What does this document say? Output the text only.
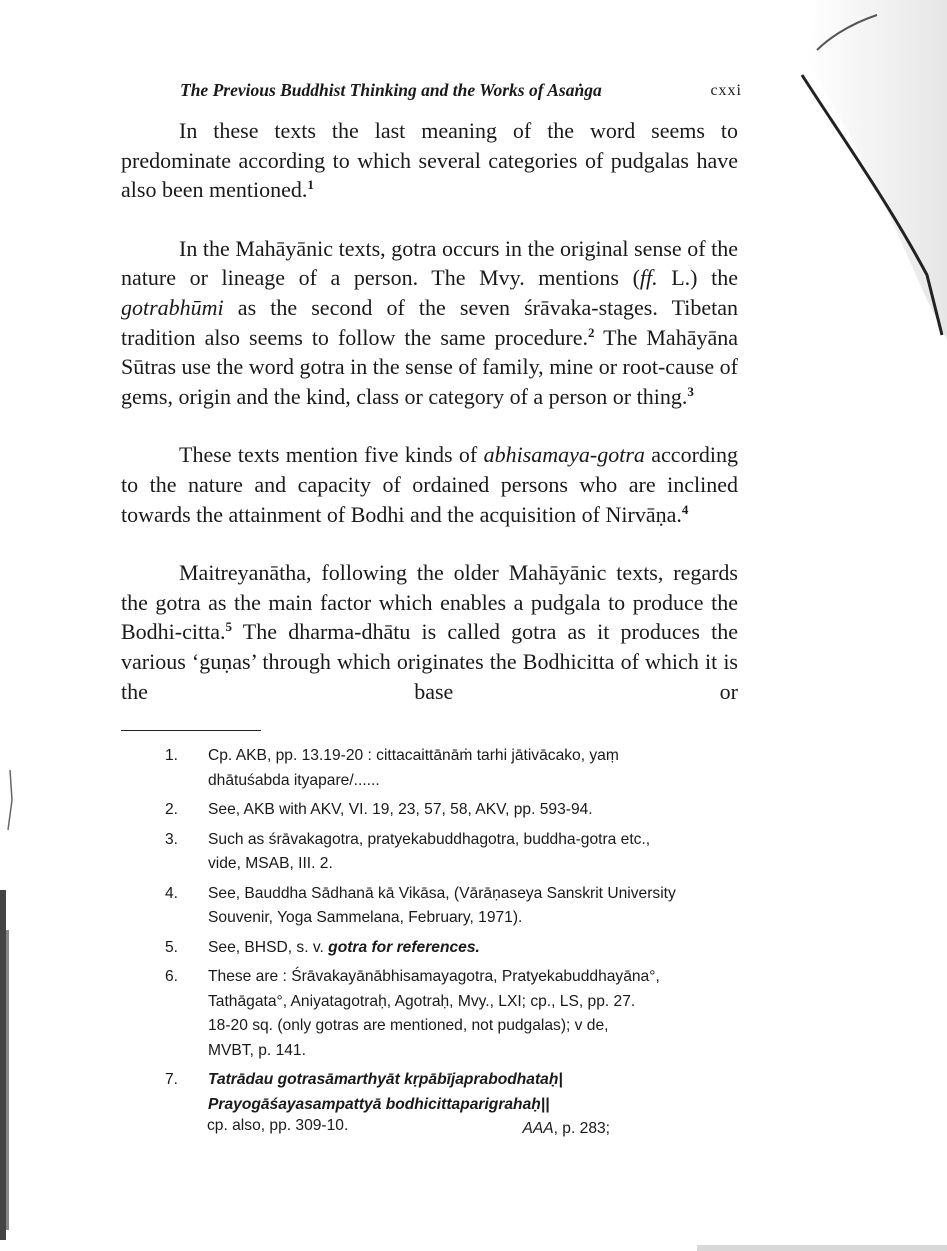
The Previous Buddhist Thinking and the Works of Asaṅga	cxxi

In these texts the last meaning of the word seems to predominate according to which several categories of pudgalas have also been mentioned.$^1$

In the Mahāyānic texts, gotra occurs in the original sense of the nature or lineage of a person. The Mvy. mentions (ff. L.) the gotrabhūmi as the second of the seven śrāvaka-stages. Tibetan tradition also seems to follow the same procedure.$^2$ The Mahāyāna Sūtras use the word gotra in the sense of family, mine or root-cause of gems, origin and the kind, class or category of a person or thing.$^3$

These texts mention five kinds of abhisamaya-gotra according to the nature and capacity of ordained persons who are inclined towards the attainment of Bodhi and the acquisition of Nirvāṇa.$^4$

Maitreyanātha, following the older Mahāyānic texts, regards the gotra as the main factor which enables a pudgala to produce the Bodhi-citta.$^5$ The dharma-dhātu is called gotra as it produces the various ‘guṇas’ through which originates the Bodhicitta of which it is the base or

1. Cp. AKB, pp. 13.19-20 : cittacaittānāṁ tarhi jātivācako, yaṃ
dhātuśabda ityapare/......
2. See, AKB with AKV, VI. 19, 23, 57, 58, AKV, pp. 593-94.
3. Such as śrāvakagotra, pratyekabuddhagotra, buddha-gotra etc.,
vide, MSAB, III. 2.
4. See, Bauddha Sādhanā kā Vikāsa, (Vārāṇaseya Sanskrit University
Souvenir, Yoga Sammelana, February, 1971).
5. See, BHSD, s. v. gotra for references.
6. These are : Śrāvakayānābhisamayagotra, Pratyekabuddhayāna°,
Tathāgata°, Aniyatagotraḥ, Agotraḥ, Mvy., LXI; cp., LS, pp. 27.
18-20 sq. (only gotras are mentioned, not pudgalas); v de,
MVBT, p. 141.
7. Tatrādau gotrasāmarthyāt kṛpābījaprabodhataḥ|
Prayogāśayasampattyā bodhicittaparigrahaḥ||
AAA, p. 283;
cp. also, pp. 309-10.
